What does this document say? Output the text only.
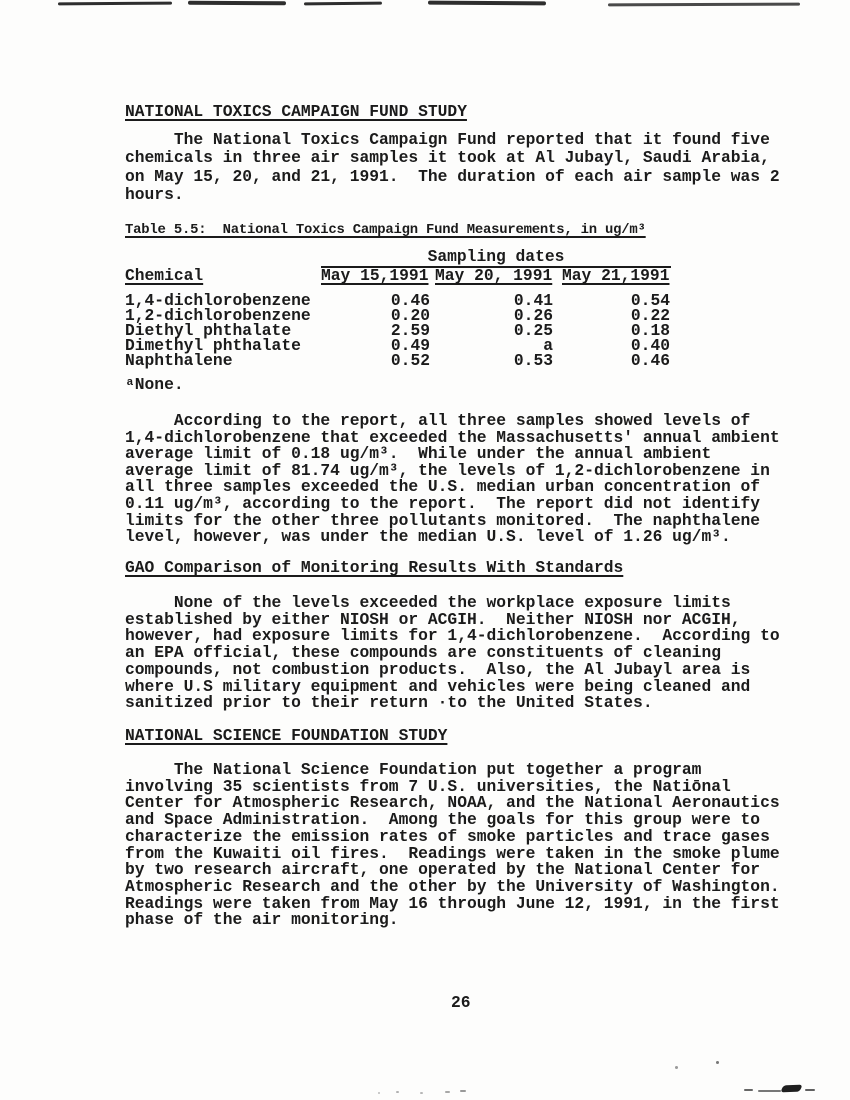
NATIONAL TOXICS CAMPAIGN FUND STUDY
The National Toxics Campaign Fund reported that it found five
chemicals in three air samples it took at Al Jubayl, Saudi Arabia,
on May 15, 20, and 21, 1991.  The duration of each air sample was 2
hours.
Table 5.5:  National Toxics Campaign Fund Measurements, in ug/m³
Sampling dates
Chemical	May 15,1991 May 20, 1991 May 21,1991
1,4-dichlorobenzene
1,2-dichlorobenzene
Diethyl phthalate
Dimethyl phthalate
Naphthalene
0.46
0.20
2.59
0.49
0.52
0.41
0.26
0.25
a
0.53
0.54
0.22
0.18
0.40
0.46
ᵃNone.
According to the report, all three samples showed levels of
1,4-dichlorobenzene that exceeded the Massachusetts' annual ambient
average limit of 0.18 ug/m³.  While under the annual ambient
average limit of 81.74 ug/m³, the levels of 1,2-dichlorobenzene in
all three samples exceeded the U.S. median urban concentration of
0.11 ug/m³, according to the report.  The report did not identify
limits for the other three pollutants monitored.  The naphthalene
level, however, was under the median U.S. level of 1.26 ug/m³.
GAO Comparison of Monitoring Results With Standards
None of the levels exceeded the workplace exposure limits
established by either NIOSH or ACGIH.  Neither NIOSH nor ACGIH,
however, had exposure limits for 1,4-dichlorobenzene.  According to
an EPA official, these compounds are constituents of cleaning
compounds, not combustion products.  Also, the Al Jubayl area is
where U.S military equipment and vehicles were being cleaned and
sanitized prior to their return ·to the United States.
NATIONAL SCIENCE FOUNDATION STUDY
The National Science Foundation put together a program
involving 35 scientists from 7 U.S. universities, the Natiōnal
Center for Atmospheric Research, NOAA, and the National Aeronautics
and Space Administration.  Among the goals for this group were to
characterize the emission rates of smoke particles and trace gases
from the Kuwaiti oil fires.  Readings were taken in the smoke plume
by two research aircraft, one operated by the National Center for
Atmospheric Research and the other by the University of Washington.
Readings were taken from May 16 through June 12, 1991, in the first
phase of the air monitoring.
26
